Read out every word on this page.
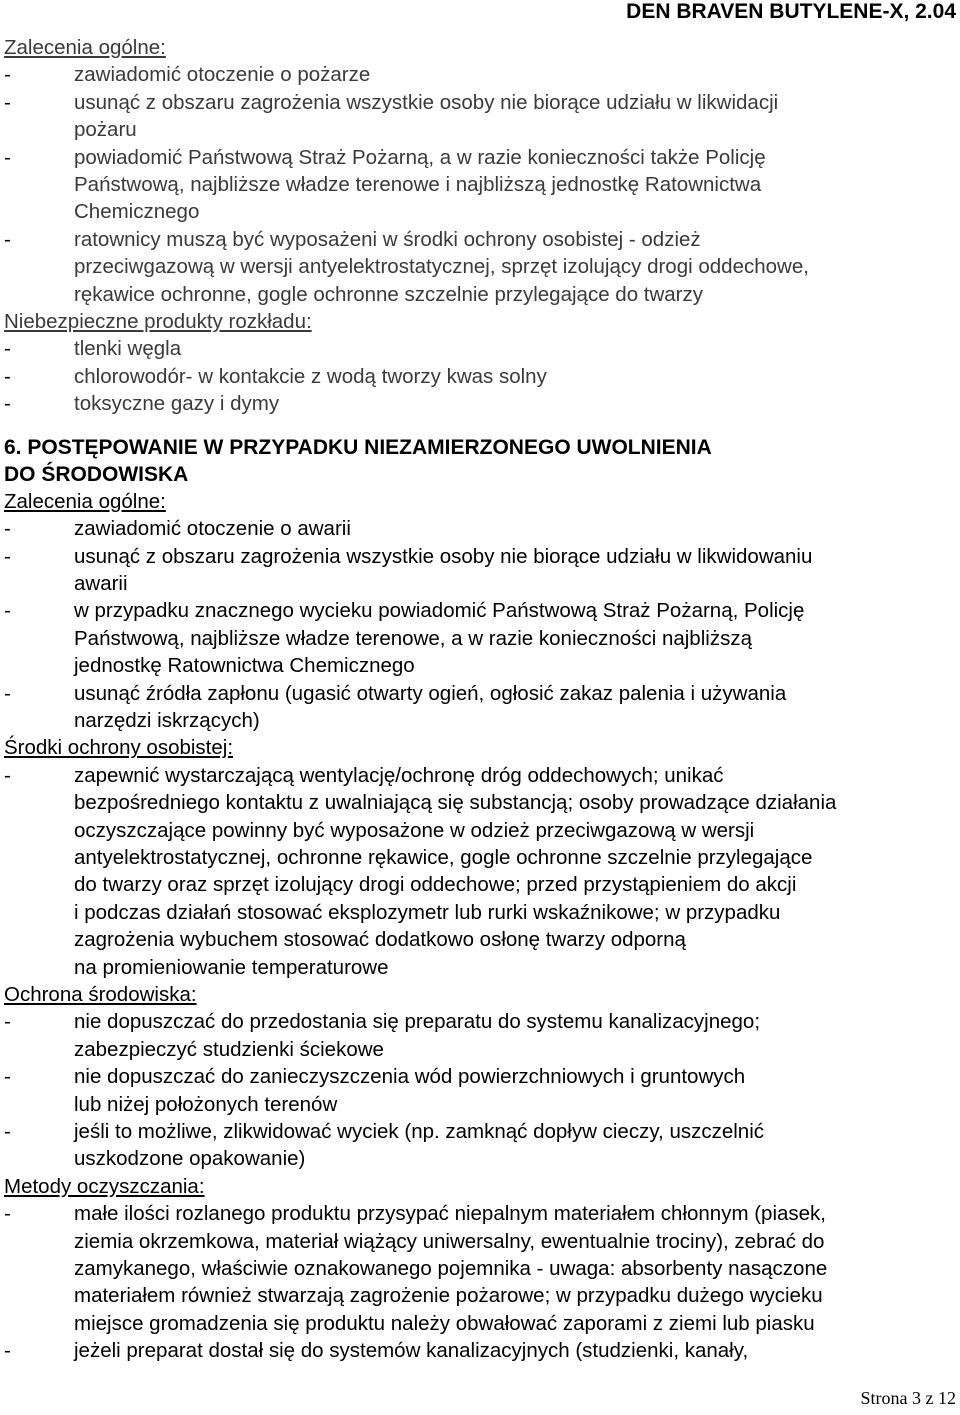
DEN BRAVEN BUTYLENE-X, 2.04
Zalecenia ogólne:
-	zawiadomić otoczenie o pożarze
-	usunąć z obszaru zagrożenia wszystkie osoby nie biorące udziału w likwidacji
pożaru
-	powiadomić Państwową Straż Pożarną, a w razie konieczności także Policję
Państwową, najbliższe władze terenowe i najbliższą jednostkę Ratownictwa
Chemicznego
-	ratownicy muszą być wyposażeni w środki ochrony osobistej - odzież
przeciwgazową w wersji antyelektrostatycznej, sprzęt izolujący drogi oddechowe,
rękawice ochronne, gogle ochronne szczelnie przylegające do twarzy
Niebezpieczne produkty rozkładu:
-	tlenki węgla
-	chlorowodór- w kontakcie z wodą tworzy kwas solny
-	toksyczne gazy i dymy
6. POSTĘPOWANIE W PRZYPADKU NIEZAMIERZONEGO UWOLNIENIA
DO ŚRODOWISKA
Zalecenia ogólne:
-	zawiadomić otoczenie o awarii
-	usunąć z obszaru zagrożenia wszystkie osoby nie biorące udziału w likwidowaniu
awarii
-	w przypadku znacznego wycieku powiadomić Państwową Straż Pożarną, Policję
Państwową, najbliższe władze terenowe, a w razie konieczności najbliższą
jednostkę Ratownictwa Chemicznego
-	usunąć źródła zapłonu (ugasić otwarty ogień, ogłosić zakaz palenia i używania
narzędzi iskrzących)
Środki ochrony osobistej:
-	zapewnić wystarczającą wentylację/ochronę dróg oddechowych; unikać
bezpośredniego kontaktu z uwalniającą się substancją; osoby prowadzące działania
oczyszczające powinny być wyposażone w odzież przeciwgazową w wersji
antyelektrostatycznej, ochronne rękawice, gogle ochronne szczelnie przylegające
do twarzy oraz sprzęt izolujący drogi oddechowe; przed przystąpieniem do akcji
i podczas działań stosować eksplozymetr lub rurki wskaźnikowe; w przypadku
zagrożenia wybuchem stosować dodatkowo osłonę twarzy odporną
na promieniowanie temperaturowe
Ochrona środowiska:
-	nie dopuszczać do przedostania się preparatu do systemu kanalizacyjnego;
zabezpieczyć studzienki ściekowe
-	nie dopuszczać do zanieczyszczenia wód powierzchniowych i gruntowych
lub niżej położonych terenów
-	jeśli to możliwe, zlikwidować wyciek (np. zamknąć dopływ cieczy, uszczelnić
uszkodzone opakowanie)
Metody oczyszczania:
-	małe ilości rozlanego produktu przysypać niepalnym materiałem chłonnym (piasek,
ziemia okrzemkowa, materiał wiążący uniwersalny, ewentualnie trociny), zebrać do
zamykanego, właściwie oznakowanego pojemnika - uwaga: absorbenty nasączone
materiałem również stwarzają zagrożenie pożarowe; w przypadku dużego wycieku
miejsce gromadzenia się produktu należy obwałować zaporami z ziemi lub piasku
-	jeżeli preparat dostał się do systemów kanalizacyjnych (studzienki, kanały,
Strona 3 z 12
